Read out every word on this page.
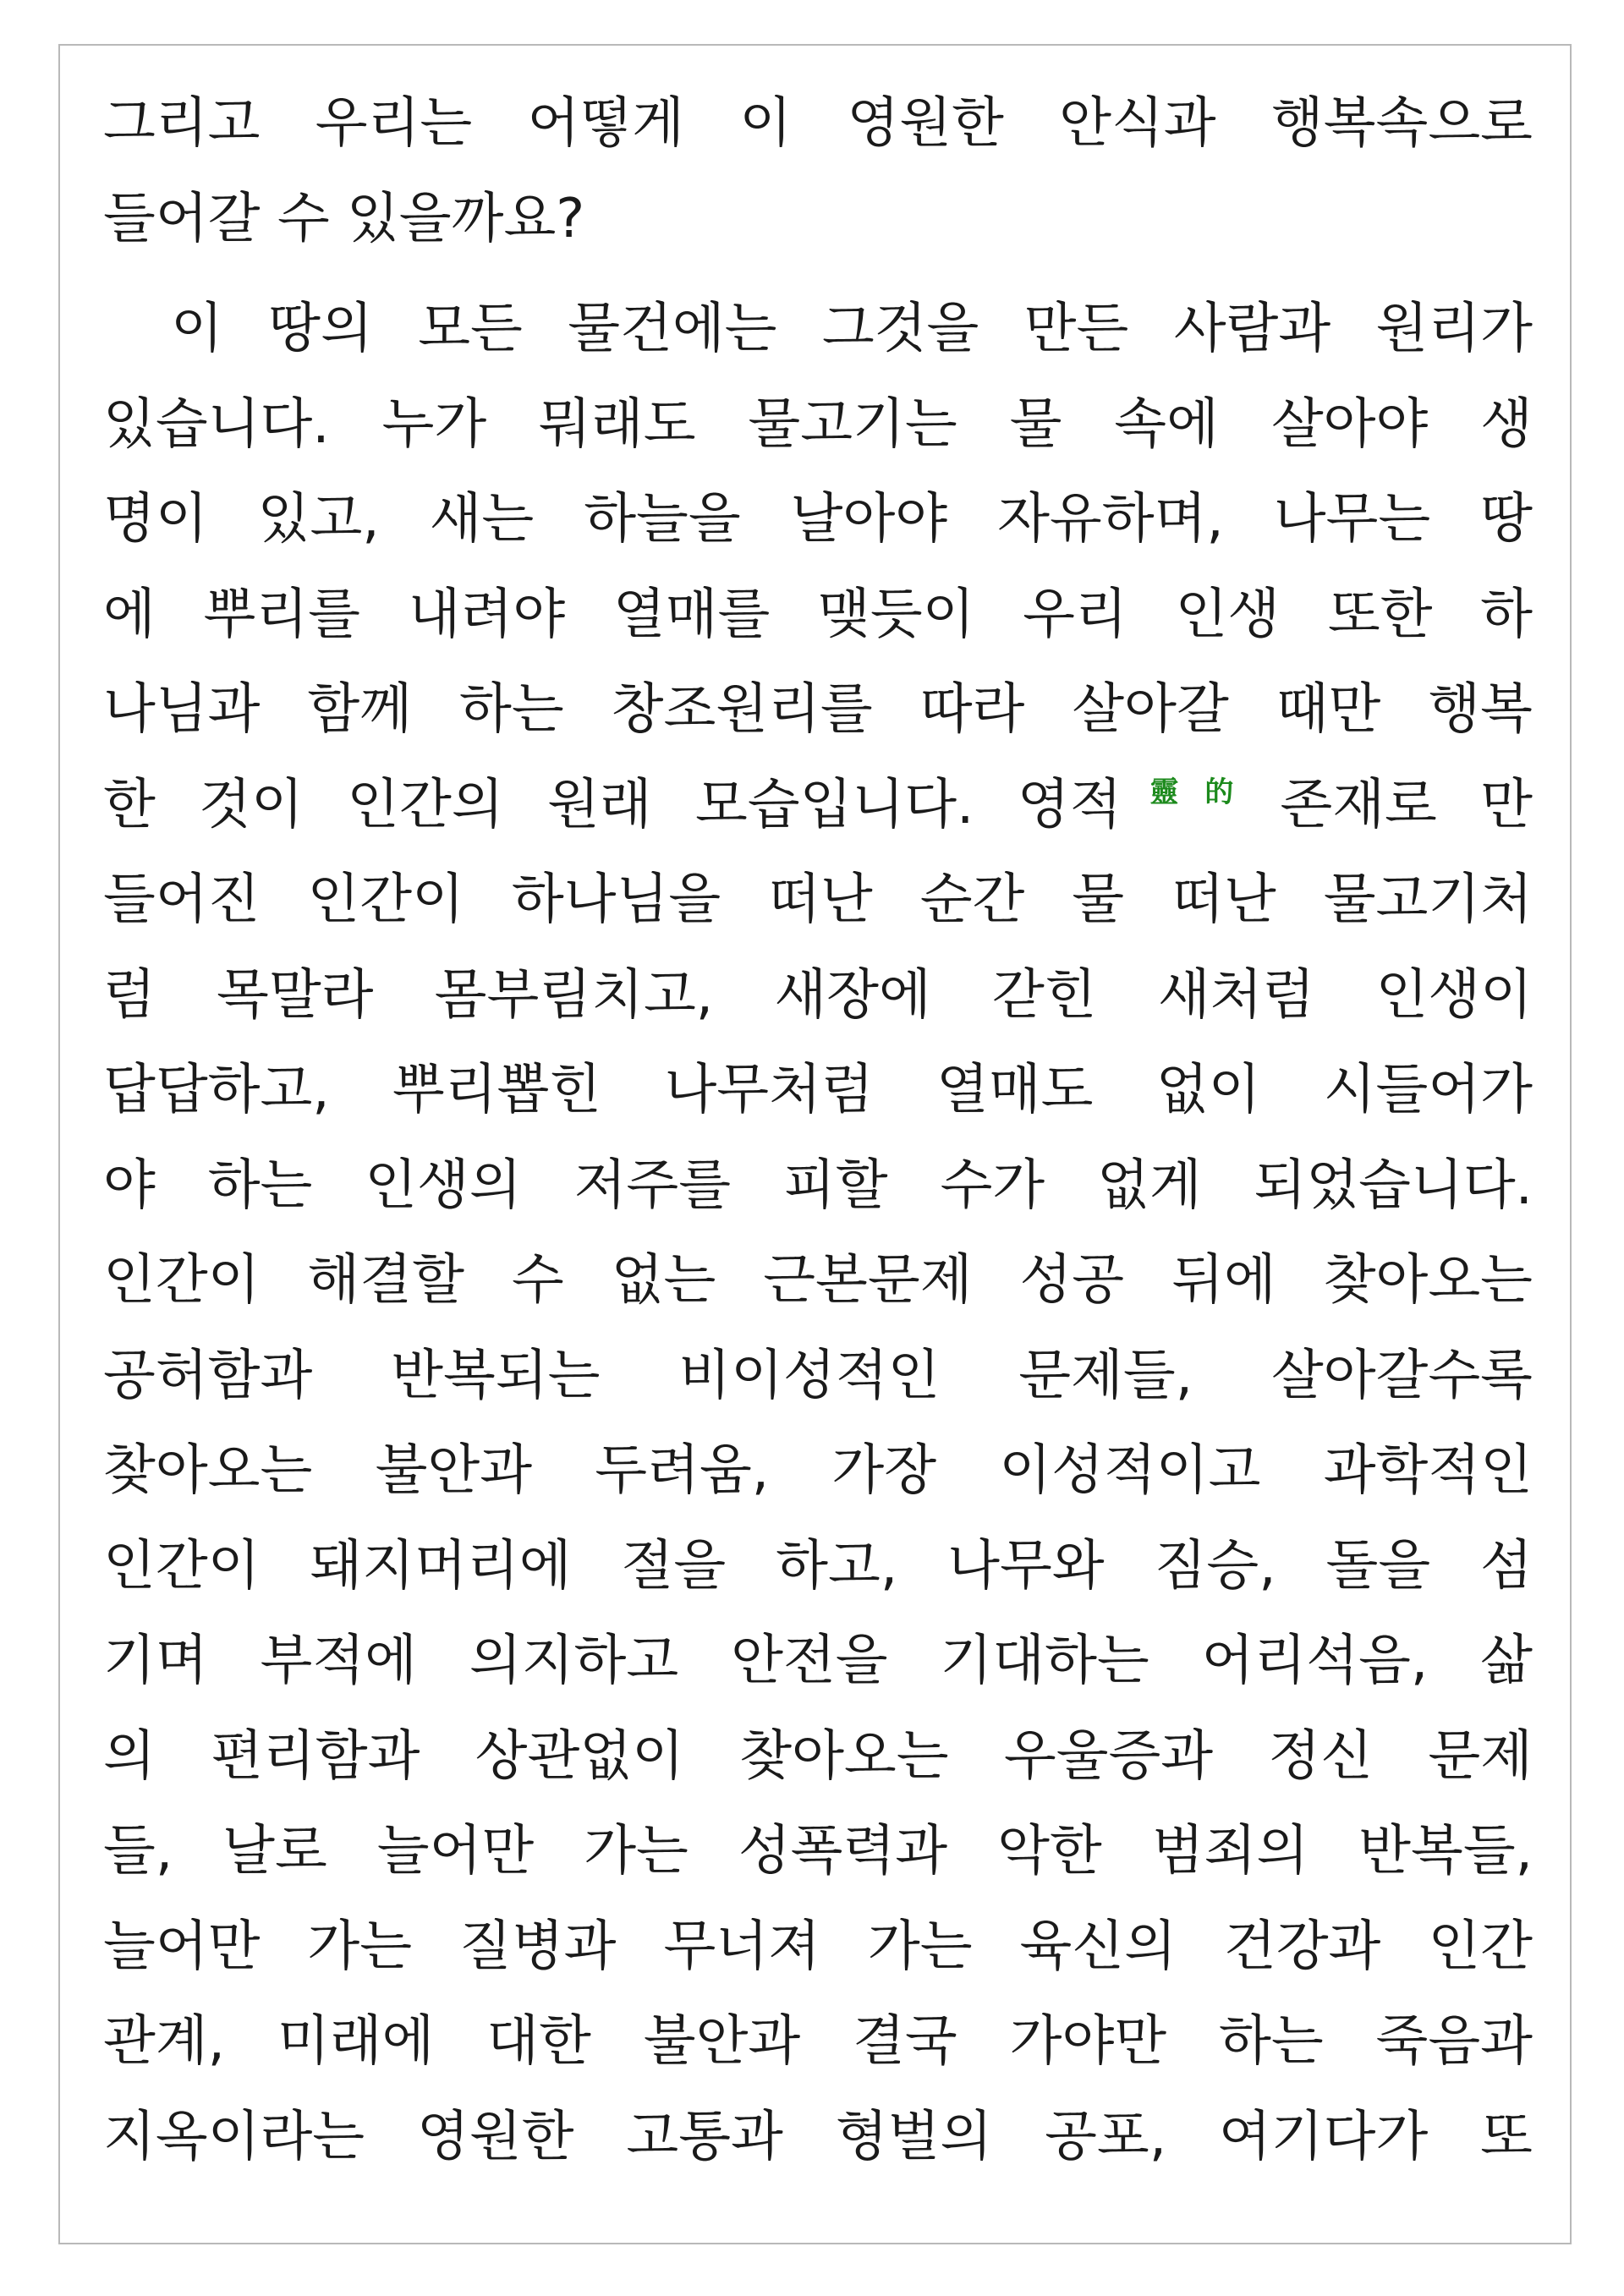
그리고 우리는 어떻게 이 영원한 안식과 행복속으로
들어갈 수 있을까요?
이 땅의 모든 물건에는 그것을 만든 사람과 원리가
있습니다. 누가 뭐래도 물고기는 물 속에 살아야 생
명이 있고, 새는 하늘을 날아야 자유하며, 나무는 땅
에 뿌리를 내려야 열매를 맺듯이 우리 인생 또한 하
나님과 함께 하는 창조원리를 따라 살아갈 때만 행복
한 것이 인간의 원래 모습입니다. 영적$^{靈的}$ 존재로 만
들어진 인간이 하나님을 떠난 순간 물 떠난 물고기처
럼 목말라 몸부림치고, 새장에 갇힌 새처럼 인생이
답답하고, 뿌리뽑힌 나무처럼 열매도 없이 시들어가
야 하는 인생의 저주를 피할 수가 없게 되었습니다.
인간이 해결할 수 없는 근본문제 성공 뒤에 찾아오는
공허함과 반복되는 비이성적인 문제들, 살아갈수록
찾아오는 불안과 두려움, 가장 이성적이고 과학적인
인간이 돼지머리에 절을 하고, 나무와 짐승, 돌을 섬
기며 부적에 의지하고 안전을 기대하는 어리석음, 삶
의 편리함과 상관없이 찾아오는 우울증과 정신 문제
들, 날로 늘어만 가는 성폭력과 악한 범죄의 반복들,
늘어만 가는 질병과 무너져 가는 육신의 건강과 인간
관계, 미래에 대한 불안과 결국 가야만 하는 죽음과
지옥이라는 영원한 고통과 형벌의 공포, 여기다가 또
